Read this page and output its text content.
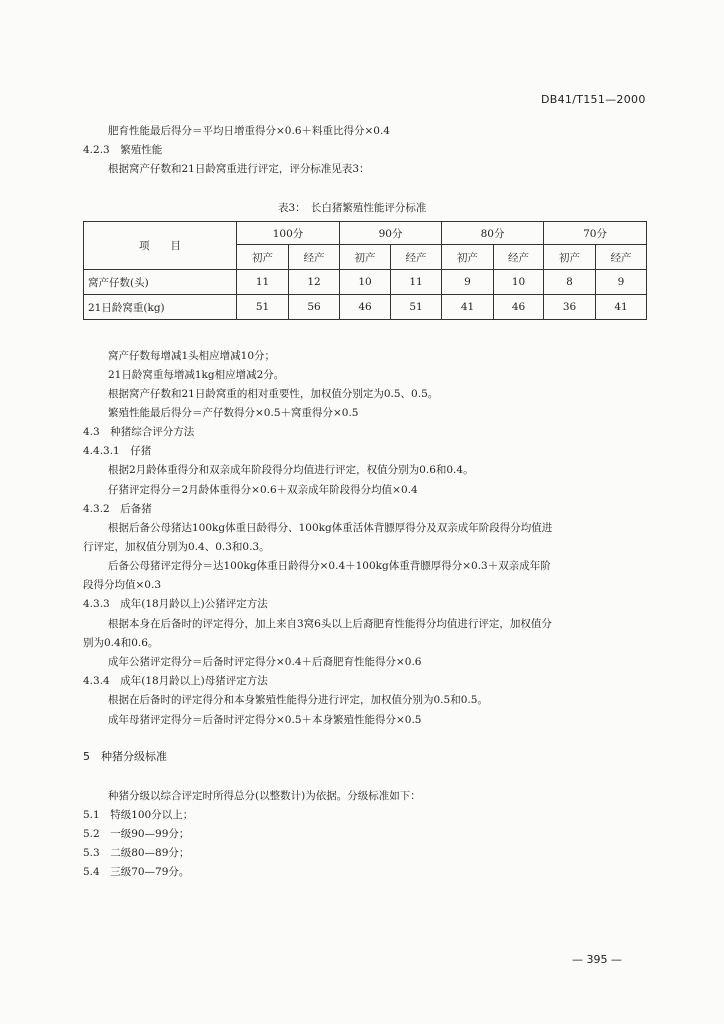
DB41/T151—2000
肥育性能最后得分＝平均日增重得分×0.6＋料重比得分×0.4
4.2.3　繁殖性能
根据窝产仔数和21日龄窝重进行评定，评分标准见表3：
表3：　长白猪繁殖性能评分标准
项　　目	100分		90分		80分		70分	
	初产	经产	初产	经产	初产	经产	初产	经产
窝产仔数(头)	11	12	10	11	9	10	8	9
21日龄窝重(kg)	51	56	46	51	41	46	36	41
窝产仔数每增减1头相应增减10分；
21日龄窝重每增减1kg相应增减2分。
根据窝产仔数和21日龄窝重的相对重要性，加权值分别定为0.5、0.5。
繁殖性能最后得分＝产仔数得分×0.5＋窝重得分×0.5
4.3　种猪综合评分方法
4.4.3.1　仔猪
根据2月龄体重得分和双亲成年阶段得分均值进行评定，权值分别为0.6和0.4。
仔猪评定得分＝2月龄体重得分×0.6＋双亲成年阶段得分均值×0.4
4.3.2　后备猪
根据后备公母猪达100kg体重日龄得分、100kg体重活体背膘厚得分及双亲成年阶段得分均值进
行评定，加权值分别为0.4、0.3和0.3。
后备公母猪评定得分＝达100kg体重日龄得分×0.4＋100kg体重背膘厚得分×0.3＋双亲成年阶
段得分均值×0.3
4.3.3　成年(18月龄以上)公猪评定方法
根据本身在后备时的评定得分，加上来自3窝6头以上后裔肥育性能得分均值进行评定，加权值分
别为0.4和0.6。
成年公猪评定得分＝后备时评定得分×0.4＋后裔肥育性能得分×0.6
4.3.4　成年(18月龄以上)母猪评定方法
根据在后备时的评定得分和本身繁殖性能得分进行评定，加权值分别为0.5和0.5。
成年母猪评定得分＝后备时评定得分×0.5＋本身繁殖性能得分×0.5
5　种猪分级标准
种猪分级以综合评定时所得总分(以整数计)为依据。分级标准如下：
5.1　特级100分以上；
5.2　一级90—99分；
5.3　二级80—89分；
5.4　三级70—79分。
— 395 —
